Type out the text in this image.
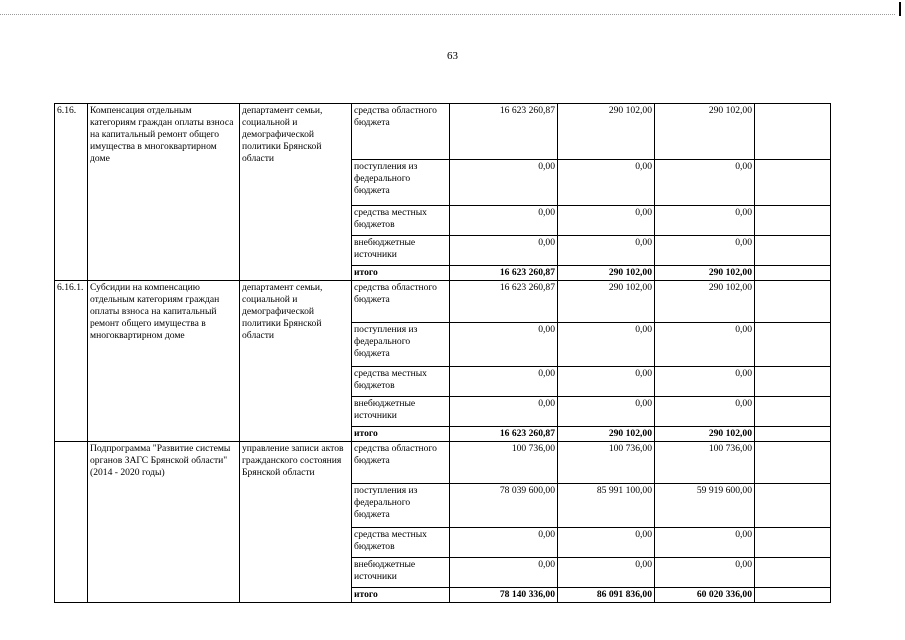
63
6.16.	Компенсация отдельным категориям граждан оплаты взноса на капитальный ремонт общего имущества в многоквартирном доме	департамент семьи, социальной и демографической политики Брянской области	средства областного бюджета	16 623 260,87	290 102,00	290 102,00	
			поступления из федерального бюджета	0,00	0,00	0,00	
			средства местных бюджетов	0,00	0,00	0,00	
			внебюджетные источники	0,00	0,00	0,00	
			итого	16 623 260,87	290 102,00	290 102,00	
6.16.1.	Субсидии на компенсацию отдельным категориям граждан оплаты взноса на капитальный ремонт общего имущества в многоквартирном доме	департамент семьи, социальной и демографической политики Брянской области	средства областного бюджета	16 623 260,87	290 102,00	290 102,00	
			поступления из федерального бюджета	0,00	0,00	0,00	
			средства местных бюджетов	0,00	0,00	0,00	
			внебюджетные источники	0,00	0,00	0,00	
			итого	16 623 260,87	290 102,00	290 102,00	
	Подпрограмма "Развитие системы органов ЗАГС Брянской области" (2014 - 2020 годы)	управление записи актов гражданского состояния Брянской области	средства областного бюджета	100 736,00	100 736,00	100 736,00	
			поступления из федерального бюджета	78 039 600,00	85 991 100,00	59 919 600,00	
			средства местных бюджетов	0,00	0,00	0,00	
			внебюджетные источники	0,00	0,00	0,00	
			итого	78 140 336,00	86 091 836,00	60 020 336,00	
